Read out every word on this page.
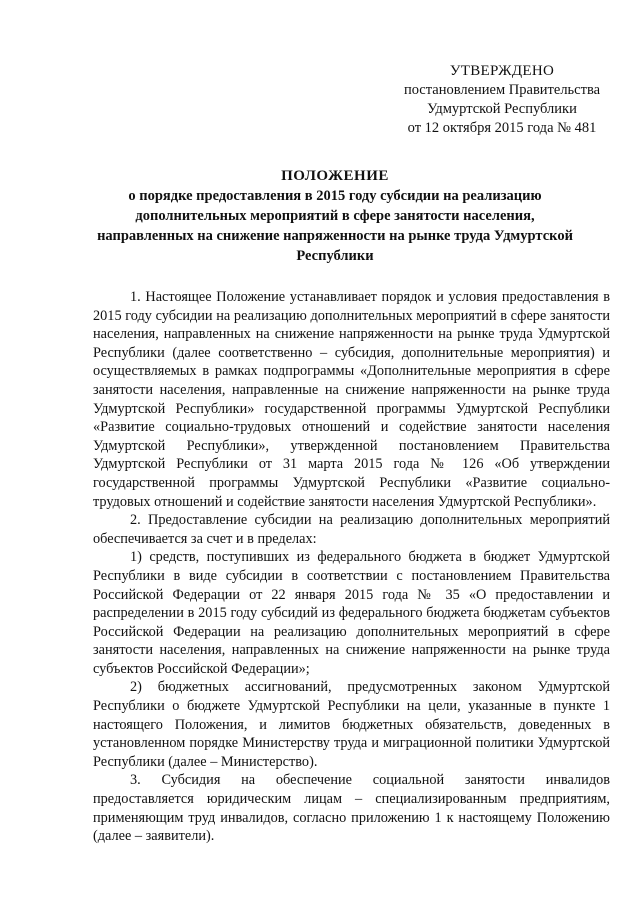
УТВЕРЖДЕНО
постановлением Правительства
Удмуртской Республики
от 12 октября 2015 года № 481
ПОЛОЖЕНИЕ
о порядке предоставления в 2015 году субсидии на реализацию дополнительных мероприятий в сфере занятости населения, направленных на снижение напряженности на рынке труда Удмуртской Республики

1. Настоящее Положение устанавливает порядок и условия предоставления в 2015 году субсидии на реализацию дополнительных мероприятий в сфере занятости населения, направленных на снижение напряженности на рынке труда Удмуртской Республики (далее соответственно – субсидия, дополнительные мероприятия) и осуществляемых в рамках подпрограммы «Дополнительные мероприятия в сфере занятости населения, направленные на снижение напряженности на рынке труда Удмуртской Республики» государственной программы Удмуртской Республики «Развитие социально-трудовых отношений и содействие занятости населения Удмуртской Республики», утвержденной постановлением Правительства Удмуртской Республики от 31 марта 2015 года № 126 «Об утверждении государственной программы Удмуртской Республики «Развитие социально-трудовых отношений и содействие занятости населения Удмуртской Республики».

2. Предоставление субсидии на реализацию дополнительных мероприятий обеспечивается за счет и в пределах:

1) средств, поступивших из федерального бюджета в бюджет Удмуртской Республики в виде субсидии в соответствии с постановлением Правительства Российской Федерации от 22 января 2015 года № 35 «О предоставлении и распределении в 2015 году субсидий из федерального бюджета бюджетам субъектов Российской Федерации на реализацию дополнительных мероприятий в сфере занятости населения, направленных на снижение напряженности на рынке труда субъектов Российской Федерации»;

2) бюджетных ассигнований, предусмотренных законом Удмуртской Республики о бюджете Удмуртской Республики на цели, указанные в пункте 1 настоящего Положения, и лимитов бюджетных обязательств, доведенных в установленном порядке Министерству труда и миграционной политики Удмуртской Республики (далее – Министерство).

3. Субсидия на обеспечение социальной занятости инвалидов предоставляется юридическим лицам – специализированным предприятиям, применяющим труд инвалидов, согласно приложению 1 к настоящему Положению (далее – заявители).
